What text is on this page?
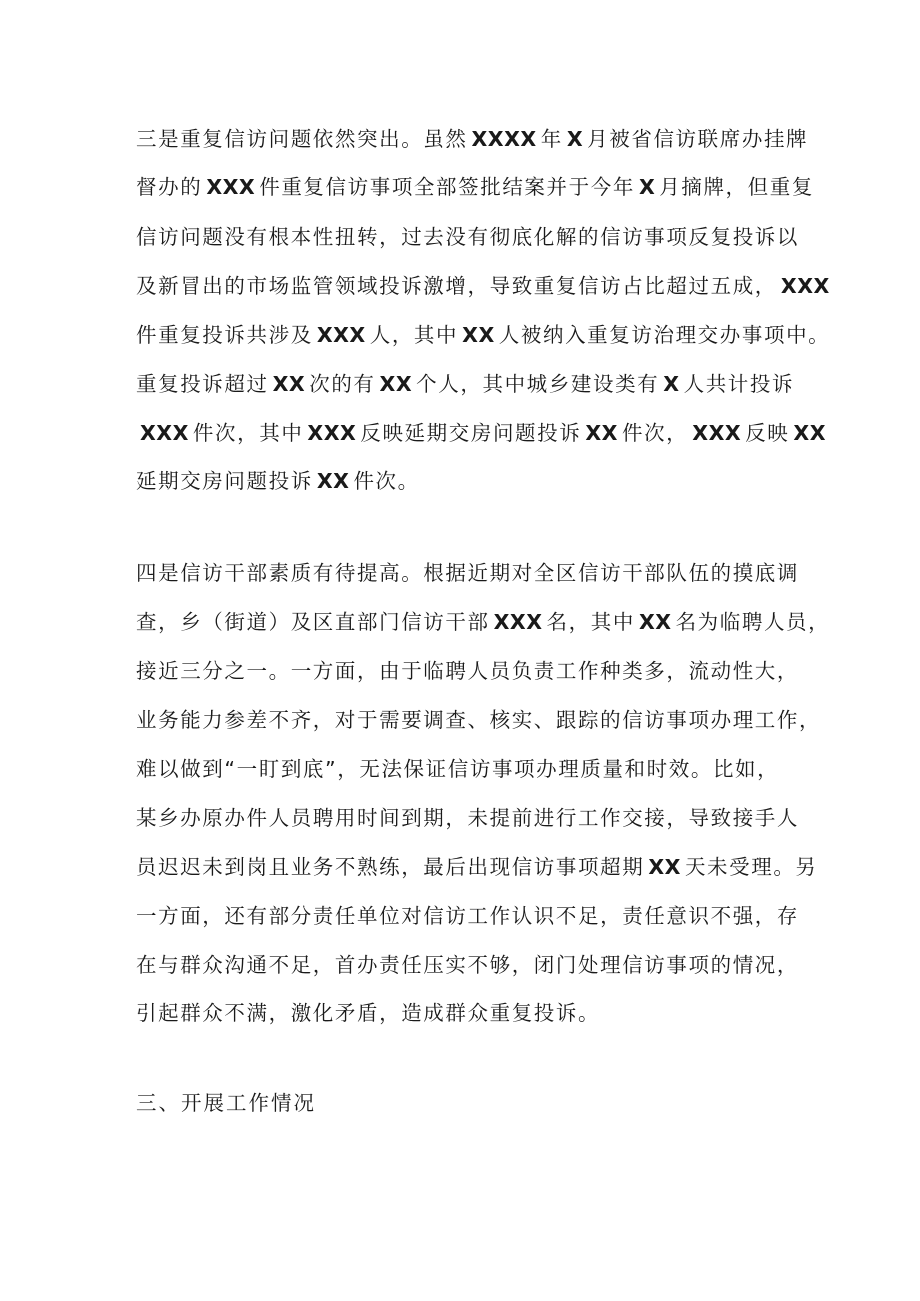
三是重复信访问题依然突出。虽然 XXXX 年 X 月被省信访联席办挂牌
督办的 XXX 件重复信访事项全部签批结案并于今年 X 月摘牌，但重复
信访问题没有根本性扭转，过去没有彻底化解的信访事项反复投诉以
及新冒出的市场监管领域投诉激增，导致重复信访占比超过五成， XXX
件重复投诉共涉及 XXX 人，其中 XX 人被纳入重复访治理交办事项中。
重复投诉超过 XX 次的有 XX 个人，其中城乡建设类有 X 人共计投诉
XXX 件次，其中 XXX 反映延期交房问题投诉 XX 件次， XXX 反映 XX
延期交房问题投诉 XX 件次。
四是信访干部素质有待提高。根据近期对全区信访干部队伍的摸底调
查，乡（街道）及区直部门信访干部 XXX 名，其中 XX 名为临聘人员，
接近三分之一。一方面，由于临聘人员负责工作种类多，流动性大，
业务能力参差不齐，对于需要调查、核实、跟踪的信访事项办理工作，
难以做到“一盯到底”，无法保证信访事项办理质量和时效。比如，
某乡办原办件人员聘用时间到期，未提前进行工作交接，导致接手人
员迟迟未到岗且业务不熟练，最后出现信访事项超期 XX 天未受理。另
一方面，还有部分责任单位对信访工作认识不足，责任意识不强，存
在与群众沟通不足，首办责任压实不够，闭门处理信访事项的情况，
引起群众不满，激化矛盾，造成群众重复投诉。
三、开展工作情况
